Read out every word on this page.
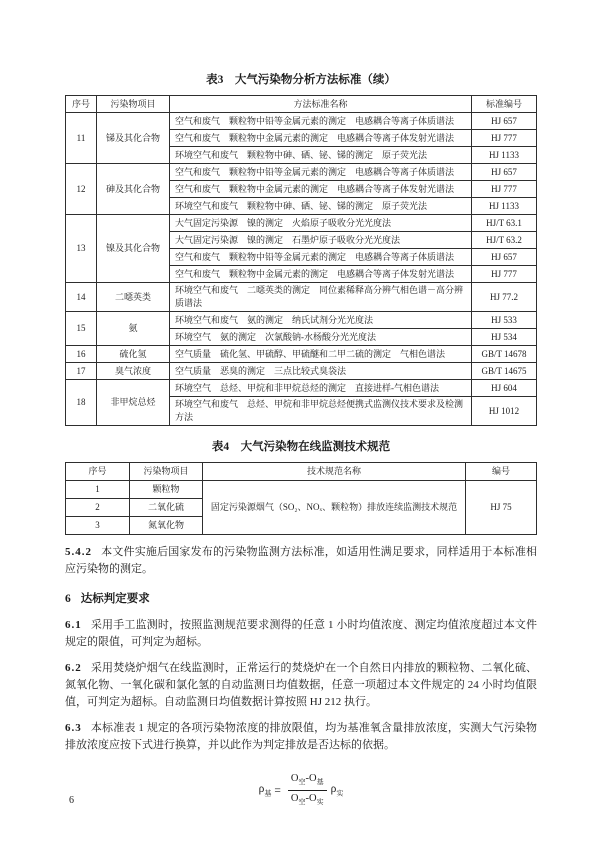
表3　大气污染物分析方法标准（续）
序号	污染物项目	方法标准名称	标准编号
11	锑及其化合物	空气和废气　颗粒物中铅等金属元素的测定　电感耦合等离子体质谱法	HJ 657
		空气和废气　颗粒物中金属元素的测定　电感耦合等离子体发射光谱法	HJ 777
		环境空气和废气　颗粒物中砷、硒、铋、锑的测定　原子荧光法	HJ 1133
12	砷及其化合物	空气和废气　颗粒物中铅等金属元素的测定　电感耦合等离子体质谱法	HJ 657
		空气和废气　颗粒物中金属元素的测定　电感耦合等离子体发射光谱法	HJ 777
		环境空气和废气　颗粒物中砷、硒、铋、锑的测定　原子荧光法	HJ 1133
13	镍及其化合物	大气固定污染源　镍的测定　火焰原子吸收分光光度法	HJ/T 63.1
		大气固定污染源　镍的测定　石墨炉原子吸收分光光度法	HJ/T 63.2
		空气和废气　颗粒物中铅等金属元素的测定　电感耦合等离子体质谱法	HJ 657
		空气和废气　颗粒物中金属元素的测定　电感耦合等离子体发射光谱法	HJ 777
14	二噁英类	环境空气和废气　二噁英类的测定　同位素稀释高分辨气相色谱－高分辨质谱法	HJ 77.2
15	氨	环境空气和废气　氨的测定　纳氏试剂分光光度法	HJ 533
		环境空气　氨的测定　次氯酸钠-水杨酸分光光度法	HJ 534
16	硫化氢	空气质量　硫化氢、甲硫醇、甲硫醚和二甲二硫的测定　气相色谱法	GB/T 14678
17	臭气浓度	空气质量　恶臭的测定　三点比较式臭袋法	GB/T 14675
18	非甲烷总烃	环境空气　总烃、甲烷和非甲烷总烃的测定　直接进样-气相色谱法	HJ 604
		环境空气和废气　总烃、甲烷和非甲烷总烃便携式监测仪技术要求及检测方法	HJ 1012
表4　大气污染物在线监测技术规范
序号	污染物项目	技术规范名称	编号
1	颗粒物	固定污染源烟气（SO₂、NOₓ、颗粒物）排放连续监测技术规范	HJ 75
2	二氧化硫		
3	氮氧化物		

5.4.2 本文件实施后国家发布的污染物监测方法标准，如适用性满足要求，同样适用于本标准相应污染物的测定。

6 达标判定要求

6.1 采用手工监测时，按照监测规范要求测得的任意 1 小时均值浓度、测定均值浓度超过本文件规定的限值，可判定为超标。

6.2 采用焚烧炉烟气在线监测时，正常运行的焚烧炉在一个自然日内排放的颗粒物、二氧化硫、氮氧化物、一氧化碳和氯化氢的自动监测日均值数据，任意一项超过本文件规定的 24 小时均值限值，可判定为超标。自动监测日均值数据计算按照 HJ 212 执行。

6.3 本标准表 1 规定的各项污染物浓度的排放限值，均为基准氧含量排放浓度，实测大气污染物排放浓度应按下式进行换算，并以此作为判定排放是否达标的依据。

$\rho_基 = \frac{O_空-O_基}{O_空-O_实} \rho_实$
6
